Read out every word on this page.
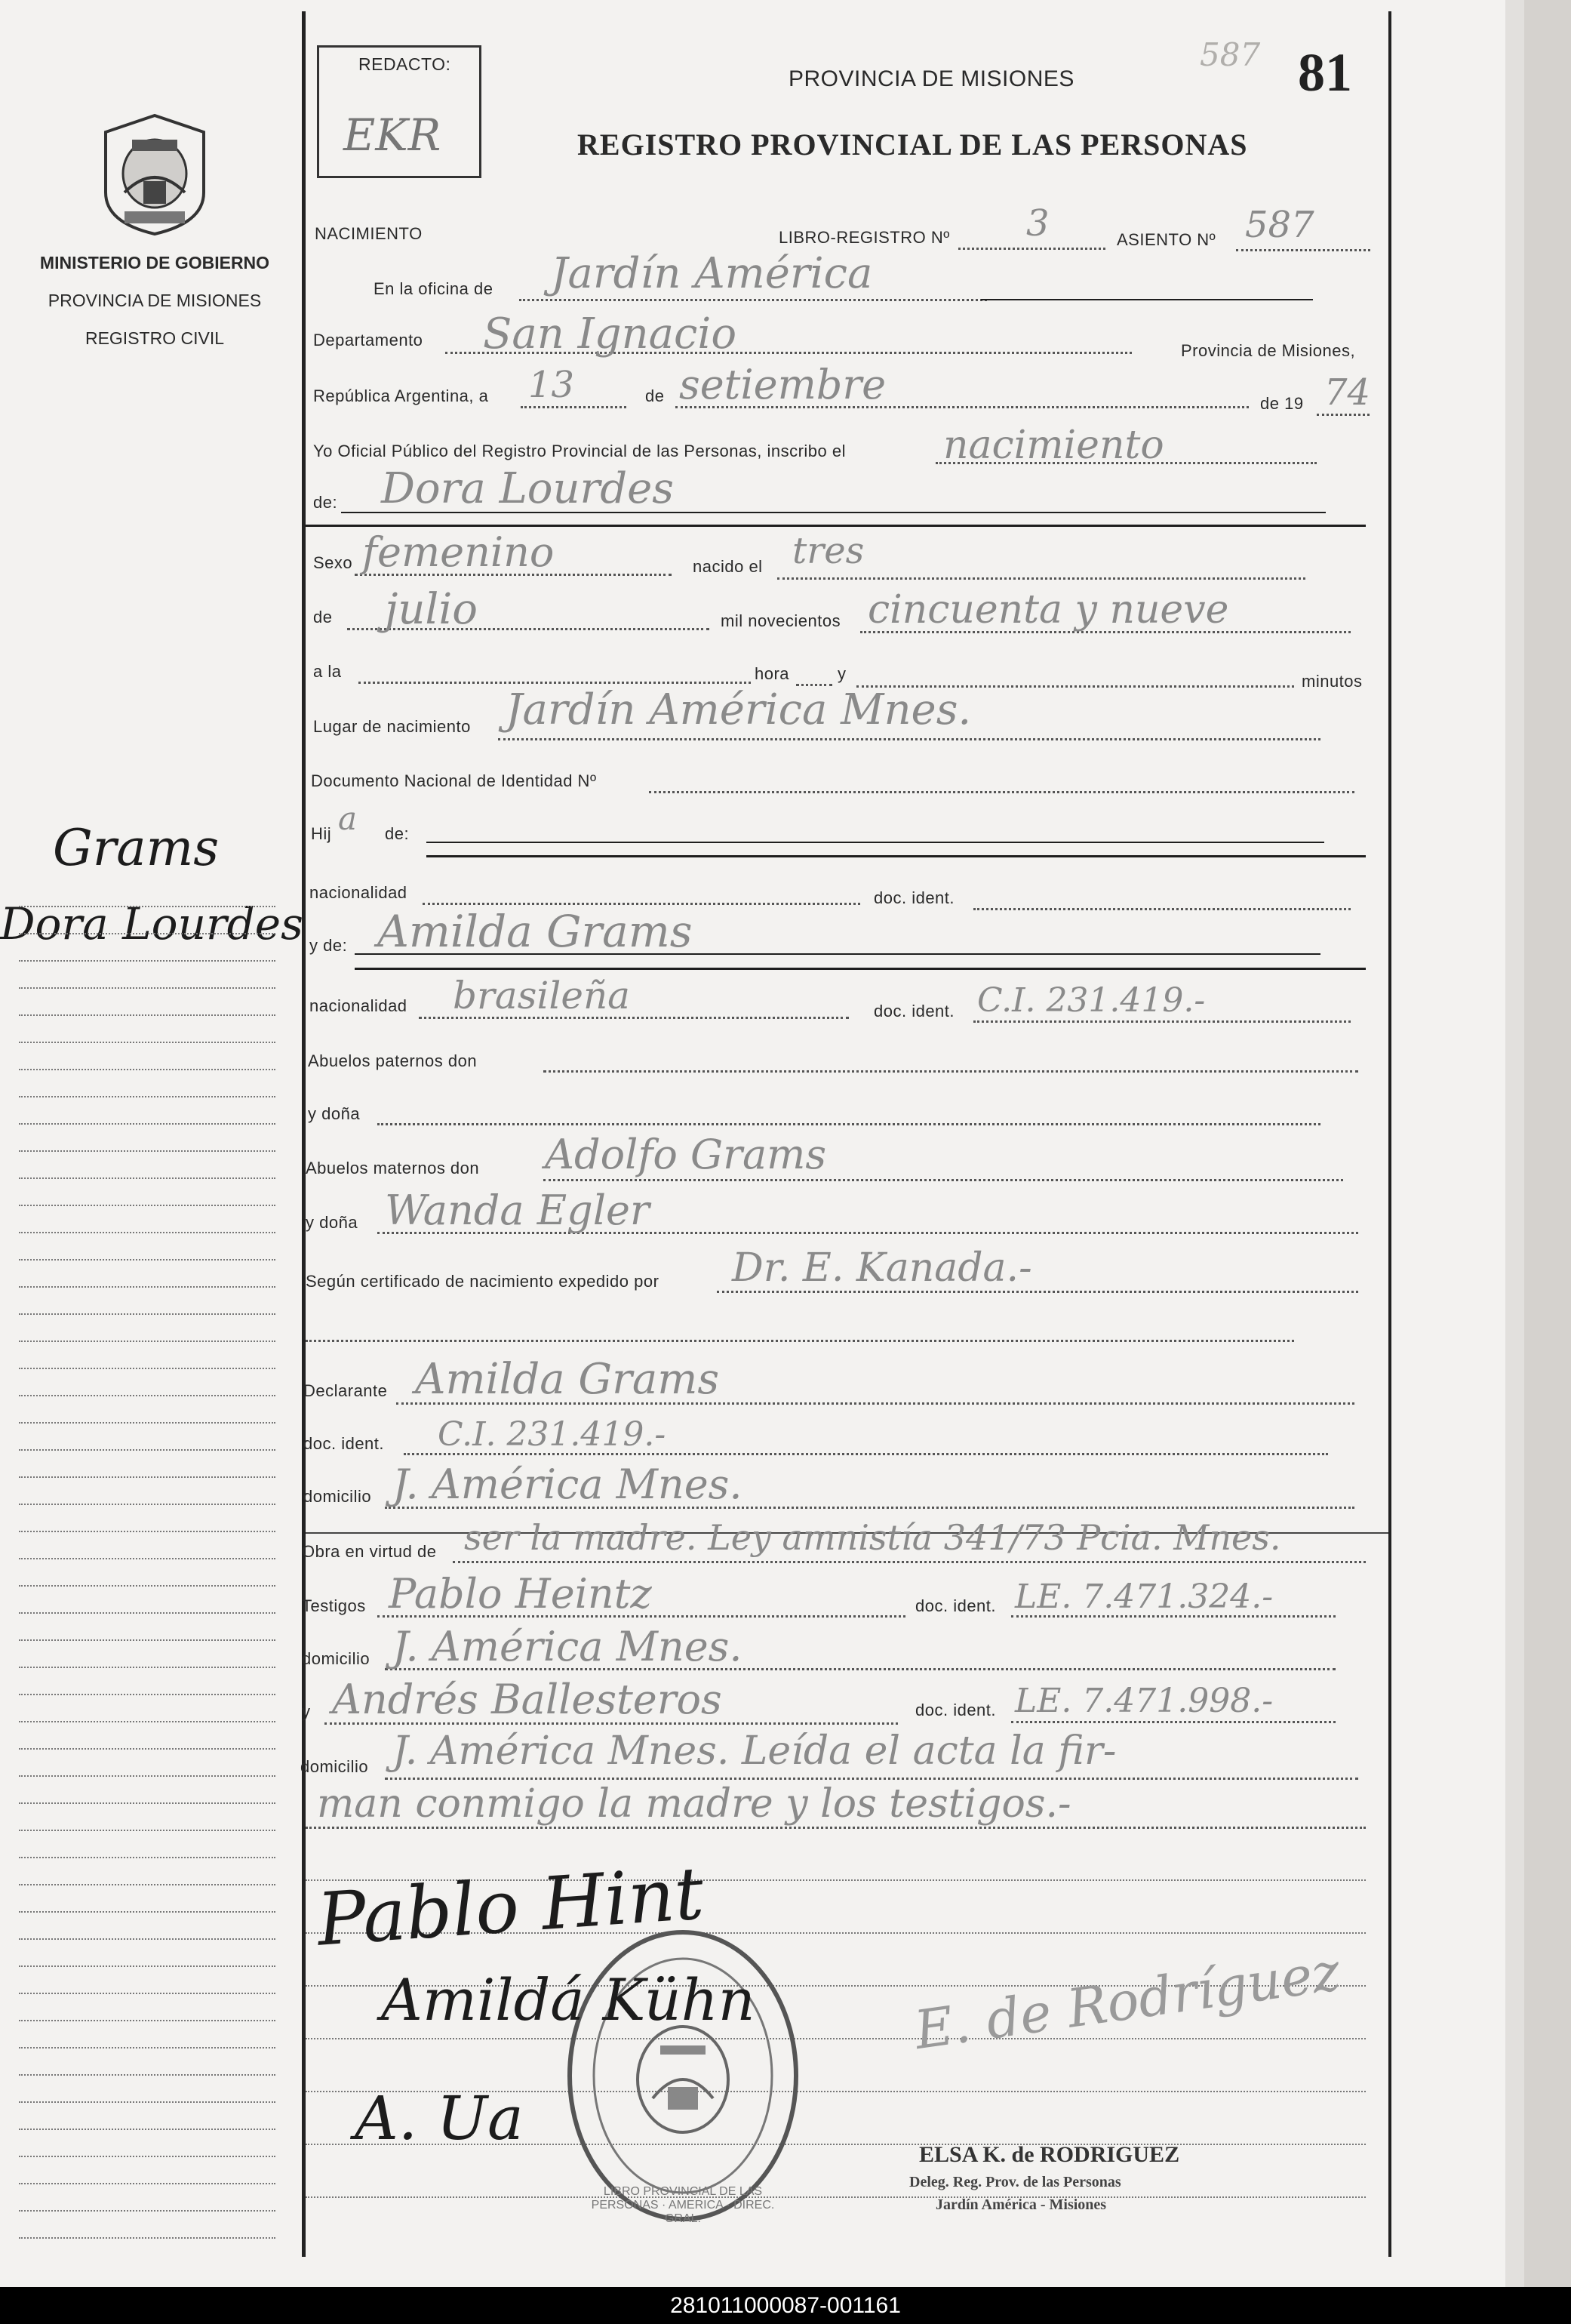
MINISTERIO DE GOBIERNO
PROVINCIA DE MISIONES
REGISTRO CIVIL
Grams
Dora Lourdes
REDACTO:
EKR
PROVINCIA DE MISIONES
REGISTRO PROVINCIAL DE LAS PERSONAS
587 81
NACIMIENTO	LIBRO-REGISTRO Nº 3	ASIENTO Nº 587
En la oficina de Jardín América
Departamento San Ignacio	Provincia de Misiones,
República Argentina, a 13	de setiembre	de 19 74
Yo Oficial Público del Registro Provincial de las Personas, inscribo el nacimiento
de: Dora Lourdes
Sexo femenino	nacido el tres
de julio	mil novecientos cincuenta y nueve
a la	hora	y	minutos
Lugar de nacimiento Jardín América Mnes.
Documento Nacional de Identidad Nº
Hij a de:
nacionalidad	doc. ident.
y de: Amilda Grams
nacionalidad brasileña	doc. ident. C.I. 231.419.-
Abuelos paternos don
y doña
Abuelos maternos don Adolfo Grams
y doña Wanda Egler
Según certificado de nacimiento expedido por Dr. E. Kanada.-
Declarante Amilda Grams
doc. ident. C.I. 231.419.-
domicilio J. América Mnes.
Obra en virtud de ser la madre. Ley amnistía 341/73 Pcia. Mnes.
Testigos Pablo Heintz	doc. ident. LE. 7.471.324.-
domicilio J. América Mnes.
y Andrés Ballesteros	doc. ident. LE. 7.471.998.-
domicilio J. América Mnes. Leída el acta la fir-
man conmigo la madre y los testigos.-
LIBRO PROVINCIAL DE LAS PERSONAS · AMERICA · DIREC. GRAL.
Pablo Hint
Amildá Kühn
A. Ua
E. de Rodríguez
ELSA K. de RODRIGUEZ
Deleg. Reg. Prov. de las Personas
Jardín América - Misiones
281011000087-001161
